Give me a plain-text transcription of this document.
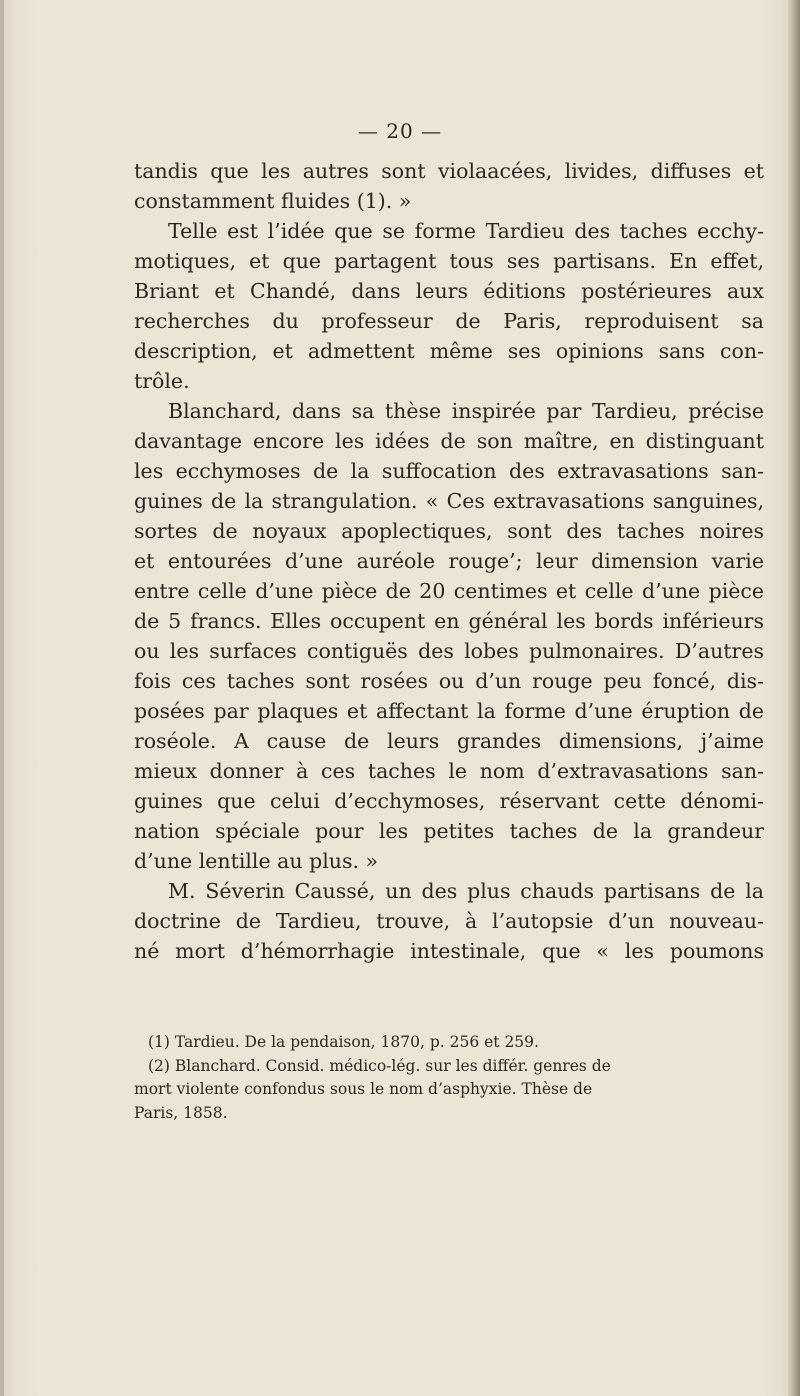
— 20 —
tandis que les autres sont violaacées, livides, diffuses et
constamment fluides (1). »
Telle est l’idée que se forme Tardieu des taches ecchy-
motiques, et que partagent tous ses partisans. En effet,
Briant et Chandé, dans leurs éditions postérieures aux
recherches du professeur de Paris, reproduisent sa
description, et admettent même ses opinions sans con-
trôle.
Blanchard, dans sa thèse inspirée par Tardieu, précise
davantage encore les idées de son maître, en distinguant
les ecchymoses de la suffocation des extravasations san-
guines de la strangulation. « Ces extravasations sanguines,
sortes de noyaux apoplectiques, sont des taches noires
et entourées d’une auréole rouge’; leur dimension varie
entre celle d’une pièce de 20 centimes et celle d’une pièce
de 5 francs. Elles occupent en général les bords inférieurs
ou les surfaces contiguës des lobes pulmonaires. D’autres
fois ces taches sont rosées ou d’un rouge peu foncé, dis-
posées par plaques et affectant la forme d’une éruption de
roséole. A cause de leurs grandes dimensions, j’aime
mieux donner à ces taches le nom d’extravasations san-
guines que celui d’ecchymoses, réservant cette dénomi-
nation spéciale pour les petites taches de la grandeur
d’une lentille au plus. »
M. Séverin Caussé, un des plus chauds partisans de la
doctrine de Tardieu, trouve, à l’autopsie d’un nouveau-
né mort d’hémorrhagie intestinale, que « les poumons
(1) Tardieu. De la pendaison, 1870, p. 256 et 259.
(2) Blanchard. Consid. médico-lég. sur les différ. genres de
mort violente confondus sous le nom d’asphyxie. Thèse de
Paris, 1858.
